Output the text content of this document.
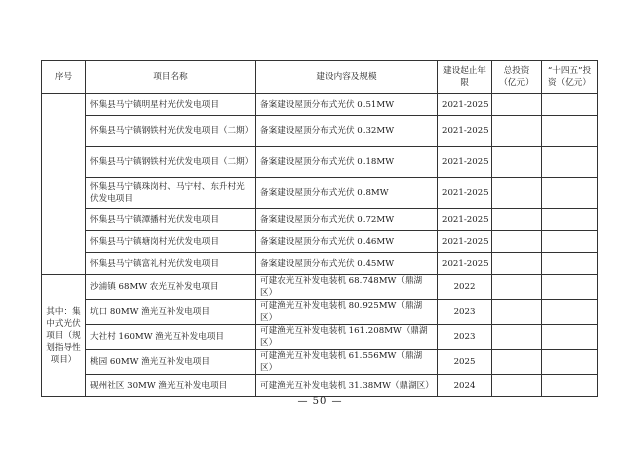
序号	项目名称	建设内容及规模	建设起止年限	总投资（亿元）	“十四五”投资（亿元）
	怀集县马宁镇明星村光伏发电项目	备案建设屋顶分布式光伏 0.51MW	2021-2025		
	怀集县马宁镇钢铁村光伏发电项目（二期）	备案建设屋顶分布式光伏 0.32MW	2021-2025		
	怀集县马宁镇钢铁村光伏发电项目（二期）	备案建设屋顶分布式光伏 0.18MW	2021-2025		
	怀集县马宁镇珠岗村、马宁村、东升村光伏发电项目	备案建设屋顶分布式光伏 0.8MW	2021-2025		
	怀集县马宁镇潭播村光伏发电项目	备案建设屋顶分布式光伏 0.72MW	2021-2025		
	怀集县马宁镇塘岗村光伏发电项目	备案建设屋顶分布式光伏 0.46MW	2021-2025		
	怀集县马宁镇富礼村光伏发电项目	备案建设屋顶分布式光伏 0.45MW	2021-2025		
其中：集中式光伏项目（规划指导性项目）	沙浦镇 68MW 农光互补发电项目	可建农光互补发电装机 68.748MW（鼎湖区）	2022		
	坑口 80MW 渔光互补发电项目	可建渔光互补发电装机 80.925MW（鼎湖区）	2023		
	大社村 160MW 渔光互补发电项目	可建渔光互补发电装机 161.208MW（鼎湖区）	2023		
	桃园 60MW 渔光互补发电项目	可建渔光互补发电装机 61.556MW（鼎湖区）	2025		
	砚州社区 30MW 渔光互补发电项目	可建渔光互补发电装机 31.38MW（鼎湖区）	2024		
— 50 —
